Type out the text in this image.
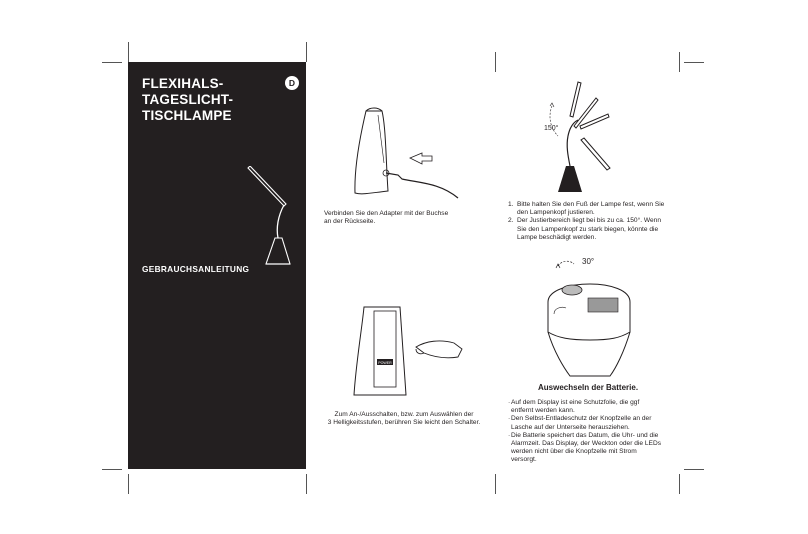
FLEXIHALS-
TAGESLICHT-
TISCHLAMPE
D
GEBRAUCHSANLEITUNG

Verbinden Sie den Adapter mit der Buchse
an der Rückseite.

POWER

Zum An-/Ausschalten, bzw. zum Auswählen der
3 Helligkeitsstufen, berühren Sie leicht den Schalter.

150°
1. Bitte halten Sie den Fuß der Lampe fest, wenn Sie
den Lampenkopf justieren.
2. Der Justierbereich liegt bei bis zu ca. 150°. Wenn
Sie den Lampenkopf zu stark biegen, könnte die
Lampe beschädigt werden.
30°
Auswechseln der Batterie.
· Auf dem Display ist eine Schutzfolie, die ggf
entfernt werden kann.
· Den Selbst-Entladeschutz der Knopfzelle an der
Lasche auf der Unterseite herausziehen.
· Die Batterie speichert das Datum, die Uhr- und die
Alarmzeit. Das Display, der Weckton oder die LEDs
werden nicht über die Knopfzelle mit Strom
versorgt.
